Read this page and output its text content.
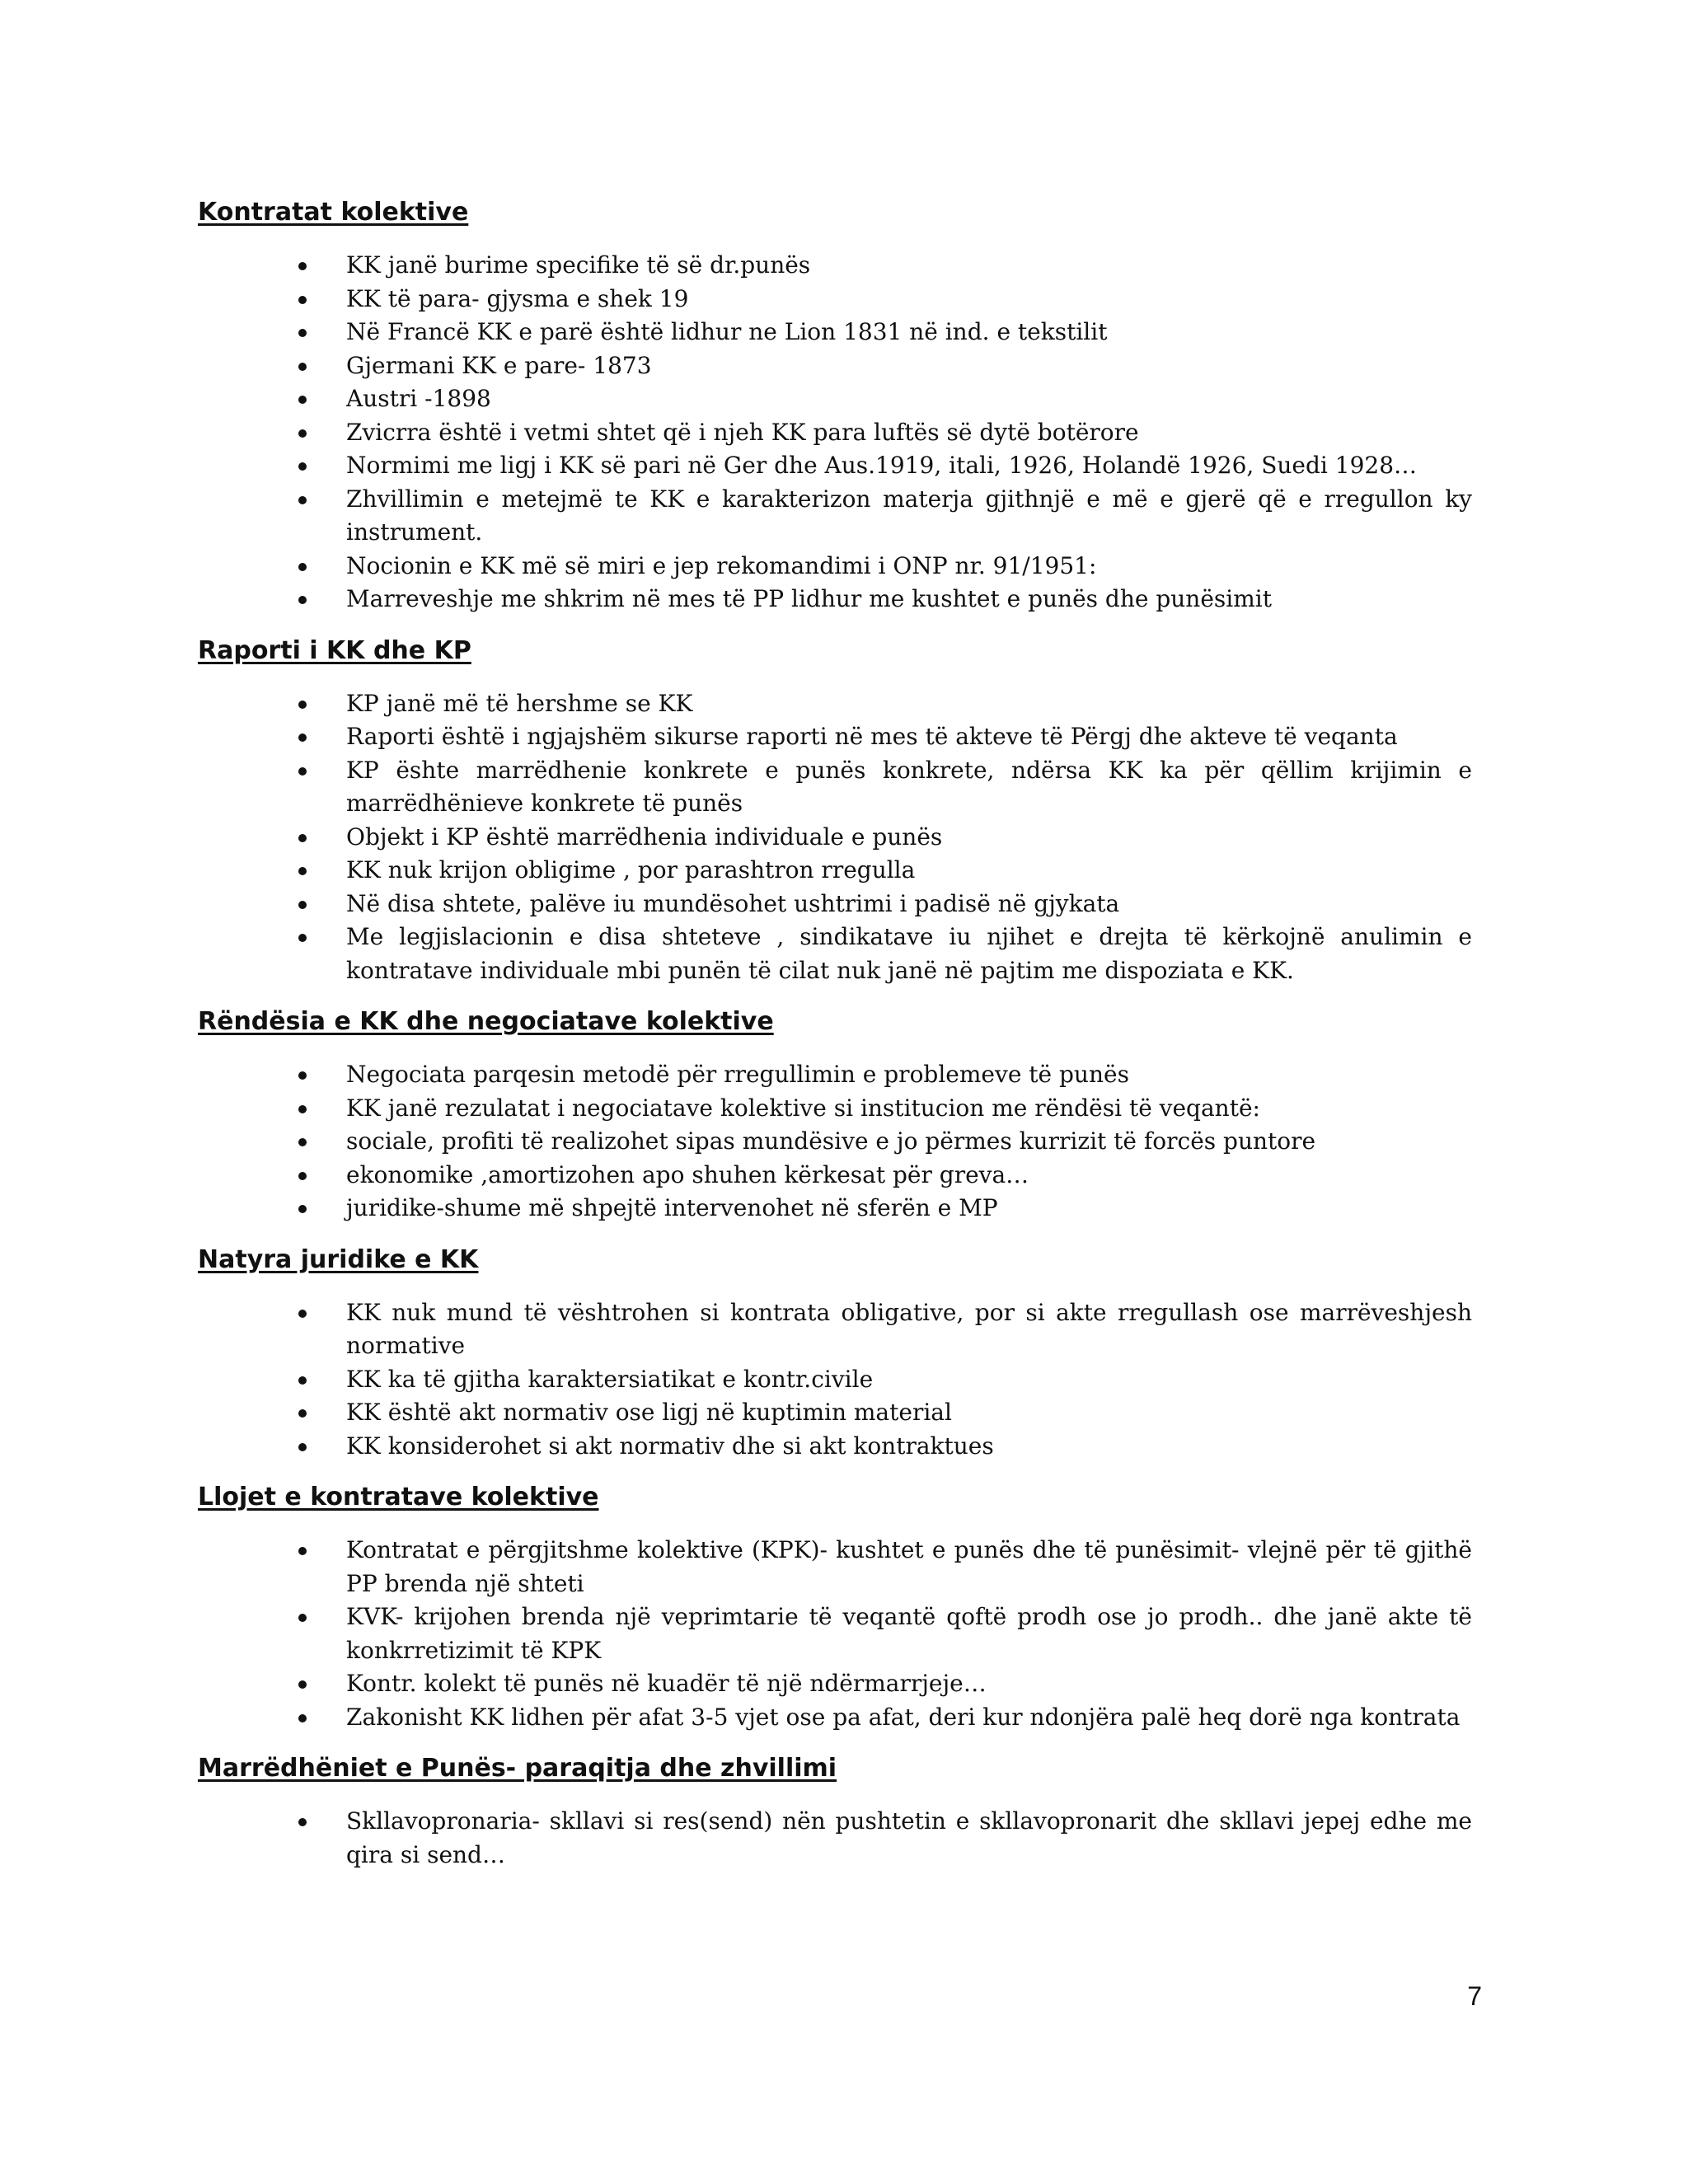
Kontratat kolektive
KK janë burime specifike të së dr.punës
KK të para- gjysma e shek 19
Në Francë KK e parë është lidhur ne Lion 1831 në ind. e tekstilit
Gjermani KK e pare- 1873
Austri -1898
Zvicrra është i vetmi shtet që i njeh KK para luftës së dytë botërore
Normimi me ligj i KK së pari në Ger dhe Aus.1919, itali, 1926, Holandë 1926, Suedi 1928…
Zhvillimin e metejmë te KK e karakterizon materja gjithnjë e më e gjerë që e rregullon ky instrument.
Nocionin e KK më së miri e jep rekomandimi i ONP nr. 91/1951:
Marreveshje me shkrim në mes të PP lidhur me kushtet e punës dhe punësimit
Raporti i KK dhe KP
KP janë më të hershme se KK
Raporti është i ngjajshëm sikurse raporti në mes të akteve të Përgj dhe akteve të veqanta
KP ështe marrëdhenie konkrete e punës konkrete, ndërsa KK ka për qëllim krijimin e marrëdhënieve konkrete të punës
Objekt i KP është marrëdhenia individuale e punës
KK nuk krijon obligime , por parashtron rregulla
Në disa shtete, palëve iu mundësohet ushtrimi i padisë në gjykata
Me legjislacionin e disa shteteve , sindikatave iu njihet e drejta të kërkojnë anulimin e kontratave individuale mbi punën të cilat nuk janë në pajtim me dispoziata e KK.
Rëndësia e KK dhe negociatave kolektive
Negociata parqesin metodë për rregullimin e problemeve të punës
KK janë rezulatat i negociatave kolektive si institucion me rëndësi të veqantë:
sociale, profiti të realizohet sipas mundësive e jo përmes kurrizit të forcës puntore
ekonomike ,amortizohen apo shuhen kërkesat për greva…
juridike-shume më shpejtë intervenohet në sferën e MP
Natyra juridike e KK
KK nuk mund të vështrohen si kontrata obligative, por si akte rregullash ose marrëveshjesh normative
KK ka të gjitha karaktersiatikat e kontr.civile
KK është akt normativ ose ligj në kuptimin material
KK konsiderohet si akt normativ dhe si akt kontraktues
Llojet e kontratave kolektive
Kontratat e përgjitshme kolektive (KPK)- kushtet e punës dhe të punësimit- vlejnë për të gjithë PP brenda një shteti
KVK- krijohen brenda një veprimtarie të veqantë qoftë prodh ose jo prodh.. dhe janë akte të konkrretizimit të KPK
Kontr. kolekt të punës në kuadër të një ndërmarrjeje…
Zakonisht KK lidhen për afat 3-5 vjet ose pa afat, deri kur ndonjëra palë heq dorë nga kontrata
Marrëdhëniet e Punës- paraqitja dhe zhvillimi
Skllavopronaria- skllavi si res(send) nën pushtetin e skllavopronarit dhe skllavi jepej edhe me qira si send…
7
